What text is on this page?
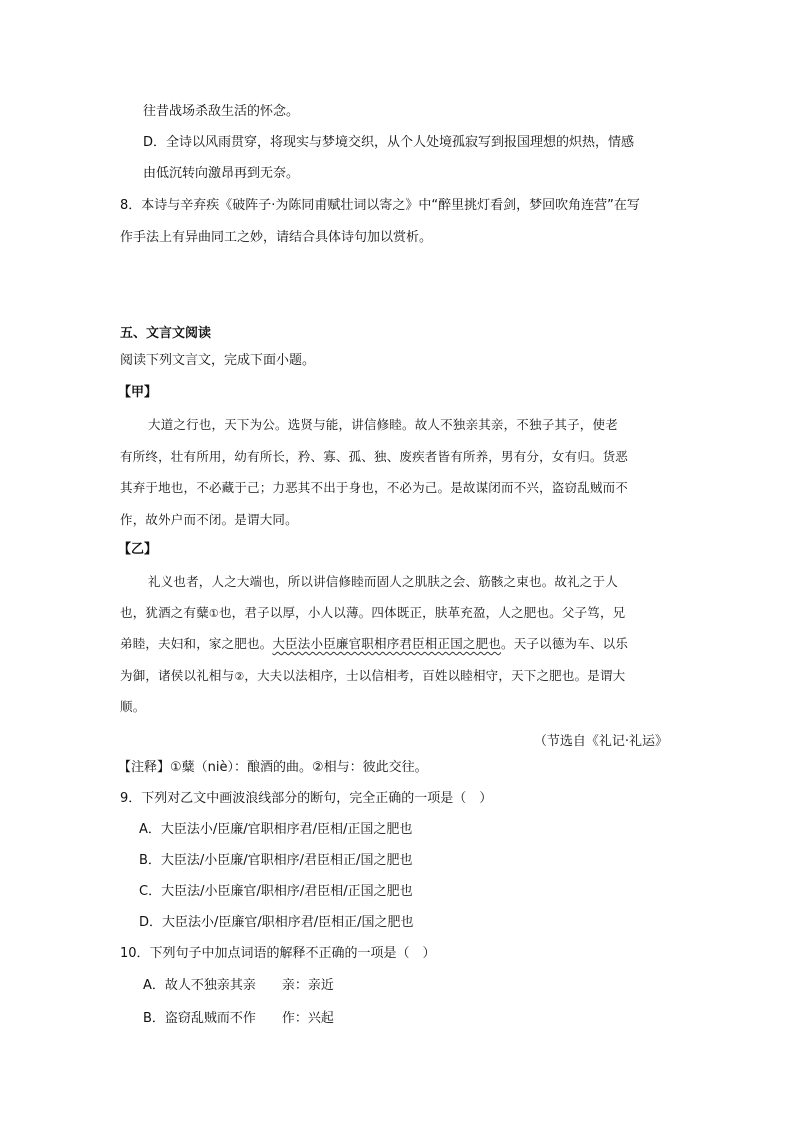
往昔战场杀敌生活的怀念。
D．全诗以风雨贯穿，将现实与梦境交织，从个人处境孤寂写到报国理想的炽热，情感
由低沉转向激昂再到无奈。
8．本诗与辛弃疾《破阵子·为陈同甫赋壮词以寄之》中“醉里挑灯看剑，梦回吹角连营”在写
作手法上有异曲同工之妙，请结合具体诗句加以赏析。
五、文言文阅读
阅读下列文言文，完成下面小题。
【甲】
大道之行也，天下为公。选贤与能，讲信修睦。故人不独亲其亲，不独子其子，使老
有所终，壮有所用，幼有所长，矜、寡、孤、独、废疾者皆有所养，男有分，女有归。货恶
其弃于地也，不必藏于己；力恶其不出于身也，不必为己。是故谋闭而不兴，盗窃乱贼而不
作，故外户而不闭。是谓大同。
【乙】
礼义也者，人之大端也，所以讲信修睦而固人之肌肤之会、筋骸之束也。故礼之于人
也，犹酒之有糵①也，君子以厚，小人以薄。四体既正，肤革充盈，人之肥也。父子笃，兄
弟睦，夫妇和，家之肥也。大臣法小臣廉官职相序君臣相正国之肥也。天子以德为车、以乐
为御，诸侯以礼相与②，大夫以法相序，士以信相考，百姓以睦相守，天下之肥也。是谓大
顺。
（节选自《礼记·礼运》
【注释】①糵（niè）：酿酒的曲。②相与：彼此交往。
9．下列对乙文中画波浪线部分的断句，完全正确的一项是（　）
A．大臣法小/臣廉/官职相序君/臣相/正国之肥也
B．大臣法/小臣廉/官职相序/君臣相正/国之肥也
C．大臣法/小臣廉官/职相序/君臣相/正国之肥也
D．大臣法小/臣廉官/职相序君/臣相正/国之肥也
10．下列句子中加点词语的解释不正确的一项是（　）
A．故人不独亲其亲　　亲：亲近
B．盗窃乱贼而不作　　作：兴起
